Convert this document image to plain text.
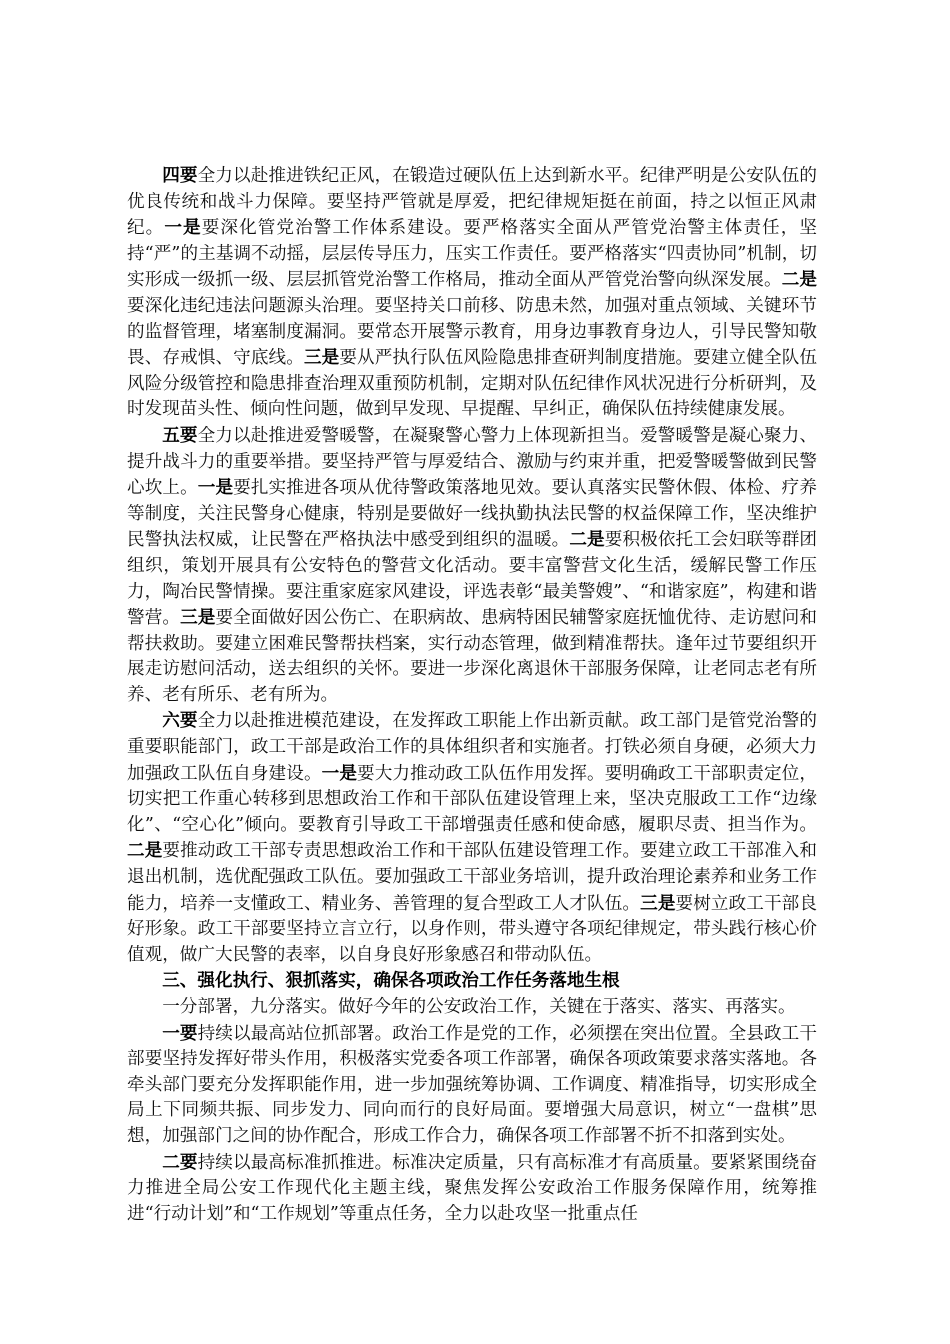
四要全力以赴推进铁纪正风，在锻造过硬队伍上达到新水平。纪律严明是公安队伍的优良传统和战斗力保障。要坚持严管就是厚爱，把纪律规矩挺在前面，持之以恒正风肃纪。一是要深化管党治警工作体系建设。要严格落实全面从严管党治警主体责任，坚持“严”的主基调不动摇，层层传导压力，压实工作责任。要严格落实“四责协同”机制，切实形成一级抓一级、层层抓管党治警工作格局，推动全面从严管党治警向纵深发展。二是要深化违纪违法问题源头治理。要坚持关口前移、防患未然，加强对重点领域、关键环节的监督管理，堵塞制度漏洞。要常态开展警示教育，用身边事教育身边人，引导民警知敬畏、存戒惧、守底线。三是要从严执行队伍风险隐患排查研判制度措施。要建立健全队伍风险分级管控和隐患排查治理双重预防机制，定期对队伍纪律作风状况进行分析研判，及时发现苗头性、倾向性问题，做到早发现、早提醒、早纠正，确保队伍持续健康发展。

五要全力以赴推进爱警暖警，在凝聚警心警力上体现新担当。爱警暖警是凝心聚力、提升战斗力的重要举措。要坚持严管与厚爱结合、激励与约束并重，把爱警暖警做到民警心坎上。一是要扎实推进各项从优待警政策落地见效。要认真落实民警休假、体检、疗养等制度，关注民警身心健康，特别是要做好一线执勤执法民警的权益保障工作，坚决维护民警执法权威，让民警在严格执法中感受到组织的温暖。二是要积极依托工会妇联等群团组织，策划开展具有公安特色的警营文化活动。要丰富警营文化生活，缓解民警工作压力，陶冶民警情操。要注重家庭家风建设，评选表彰“最美警嫂”、“和谐家庭”，构建和谐警营。三是要全面做好因公伤亡、在职病故、患病特困民辅警家庭抚恤优待、走访慰问和帮扶救助。要建立困难民警帮扶档案，实行动态管理，做到精准帮扶。逢年过节要组织开展走访慰问活动，送去组织的关怀。要进一步深化离退休干部服务保障，让老同志老有所养、老有所乐、老有所为。

六要全力以赴推进模范建设，在发挥政工职能上作出新贡献。政工部门是管党治警的重要职能部门，政工干部是政治工作的具体组织者和实施者。打铁必须自身硬，必须大力加强政工队伍自身建设。一是要大力推动政工队伍作用发挥。要明确政工干部职责定位，切实把工作重心转移到思想政治工作和干部队伍建设管理上来，坚决克服政工工作“边缘化”、“空心化”倾向。要教育引导政工干部增强责任感和使命感，履职尽责、担当作为。二是要推动政工干部专责思想政治工作和干部队伍建设管理工作。要建立政工干部准入和退出机制，选优配强政工队伍。要加强政工干部业务培训，提升政治理论素养和业务工作能力，培养一支懂政工、精业务、善管理的复合型政工人才队伍。三是要树立政工干部良好形象。政工干部要坚持立言立行，以身作则，带头遵守各项纪律规定，带头践行核心价值观，做广大民警的表率，以自身良好形象感召和带动队伍。

三、强化执行、狠抓落实，确保各项政治工作任务落地生根

一分部署，九分落实。做好今年的公安政治工作，关键在于落实、落实、再落实。

一要持续以最高站位抓部署。政治工作是党的工作，必须摆在突出位置。全县政工干部要坚持发挥好带头作用，积极落实党委各项工作部署，确保各项政策要求落实落地。各牵头部门要充分发挥职能作用，进一步加强统筹协调、工作调度、精准指导，切实形成全局上下同频共振、同步发力、同向而行的良好局面。要增强大局意识，树立“一盘棋”思想，加强部门之间的协作配合，形成工作合力，确保各项工作部署不折不扣落到实处。

二要持续以最高标准抓推进。标准决定质量，只有高标准才有高质量。要紧紧围绕奋力推进全局公安工作现代化主题主线，聚焦发挥公安政治工作服务保障作用，统筹推进“行动计划”和“工作规划”等重点任务，全力以赴攻坚一批重点任
